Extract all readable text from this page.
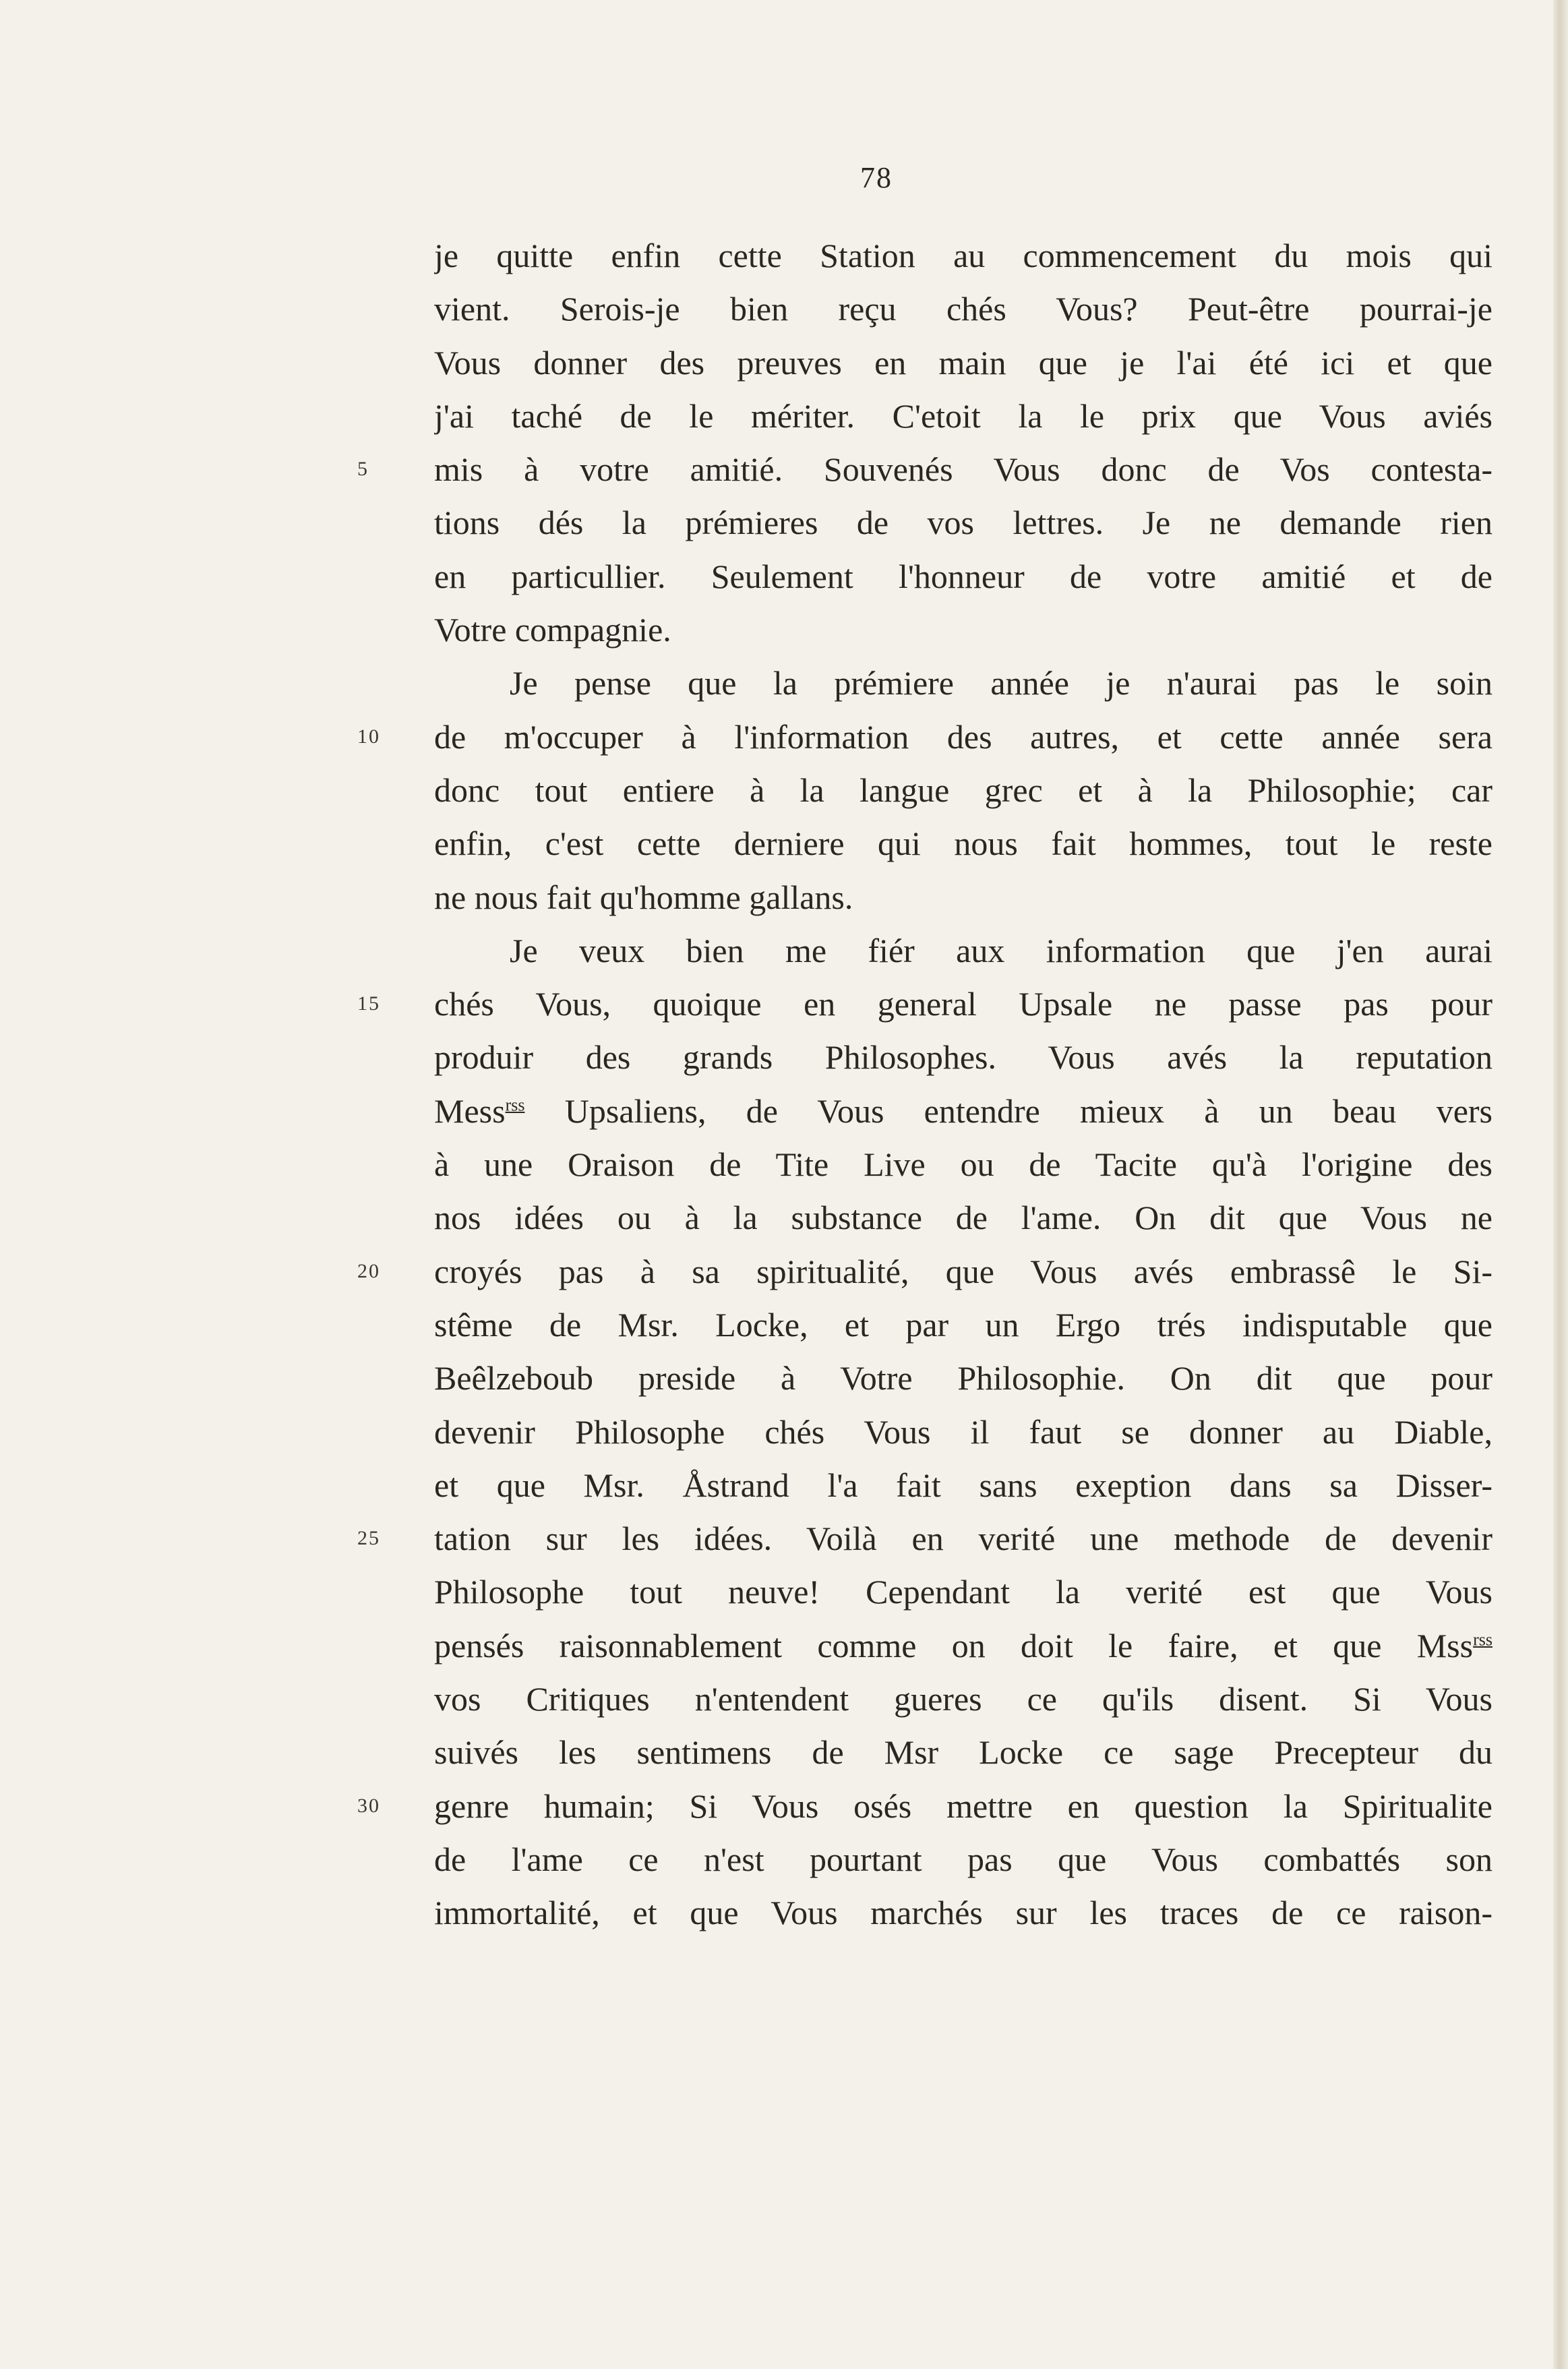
78
5
10
15
20
25
30
je quitte enfin cette Station au commencement du mois qui
vient. Serois-je bien reçu chés Vous? Peut-être pourrai-je
Vous donner des preuves en main que je l'ai été ici et que
j'ai taché de le mériter. C'etoit la le prix que Vous aviés
mis à votre amitié. Souvenés Vous donc de Vos contesta-
tions dés la prémieres de vos lettres. Je ne demande rien
en particullier. Seulement l'honneur de votre amitié et de
Votre compagnie.
Je pense que la prémiere année je n'aurai pas le soin
de m'occuper à l'information des autres, et cette année sera
donc tout entiere à la langue grec et à la Philosophie; car
enfin, c'est cette derniere qui nous fait hommes, tout le reste
ne nous fait qu'homme gallans.
Je veux bien me fiér aux information que j'en aurai
chés Vous, quoique en general Upsale ne passe pas pour
produir des grands Philosophes. Vous avés la reputation
Mess$^{rss}$ Upsaliens, de Vous entendre mieux à un beau vers
à une Oraison de Tite Live ou de Tacite qu'à l'origine des
nos idées ou à la substance de l'ame. On dit que Vous ne
croyés pas à sa spiritualité, que Vous avés embrassê le Si-
stême de Msr. Locke, et par un Ergo trés indisputable que
Beêlzeboub preside à Votre Philosophie. On dit que pour
devenir Philosophe chés Vous il faut se donner au Diable,
et que Msr. Åstrand l'a fait sans exeption dans sa Disser-
tation sur les idées. Voilà en verité une methode de devenir
Philosophe tout neuve! Cependant la verité est que Vous
pensés raisonnablement comme on doit le faire, et que Mss$^{rss}$
vos Critiques n'entendent gueres ce qu'ils disent. Si Vous
suivés les sentimens de Msr Locke ce sage Precepteur du
genre humain; Si Vous osés mettre en question la Spiritualite
de l'ame ce n'est pourtant pas que Vous combattés son
immortalité, et que Vous marchés sur les traces de ce raison-
